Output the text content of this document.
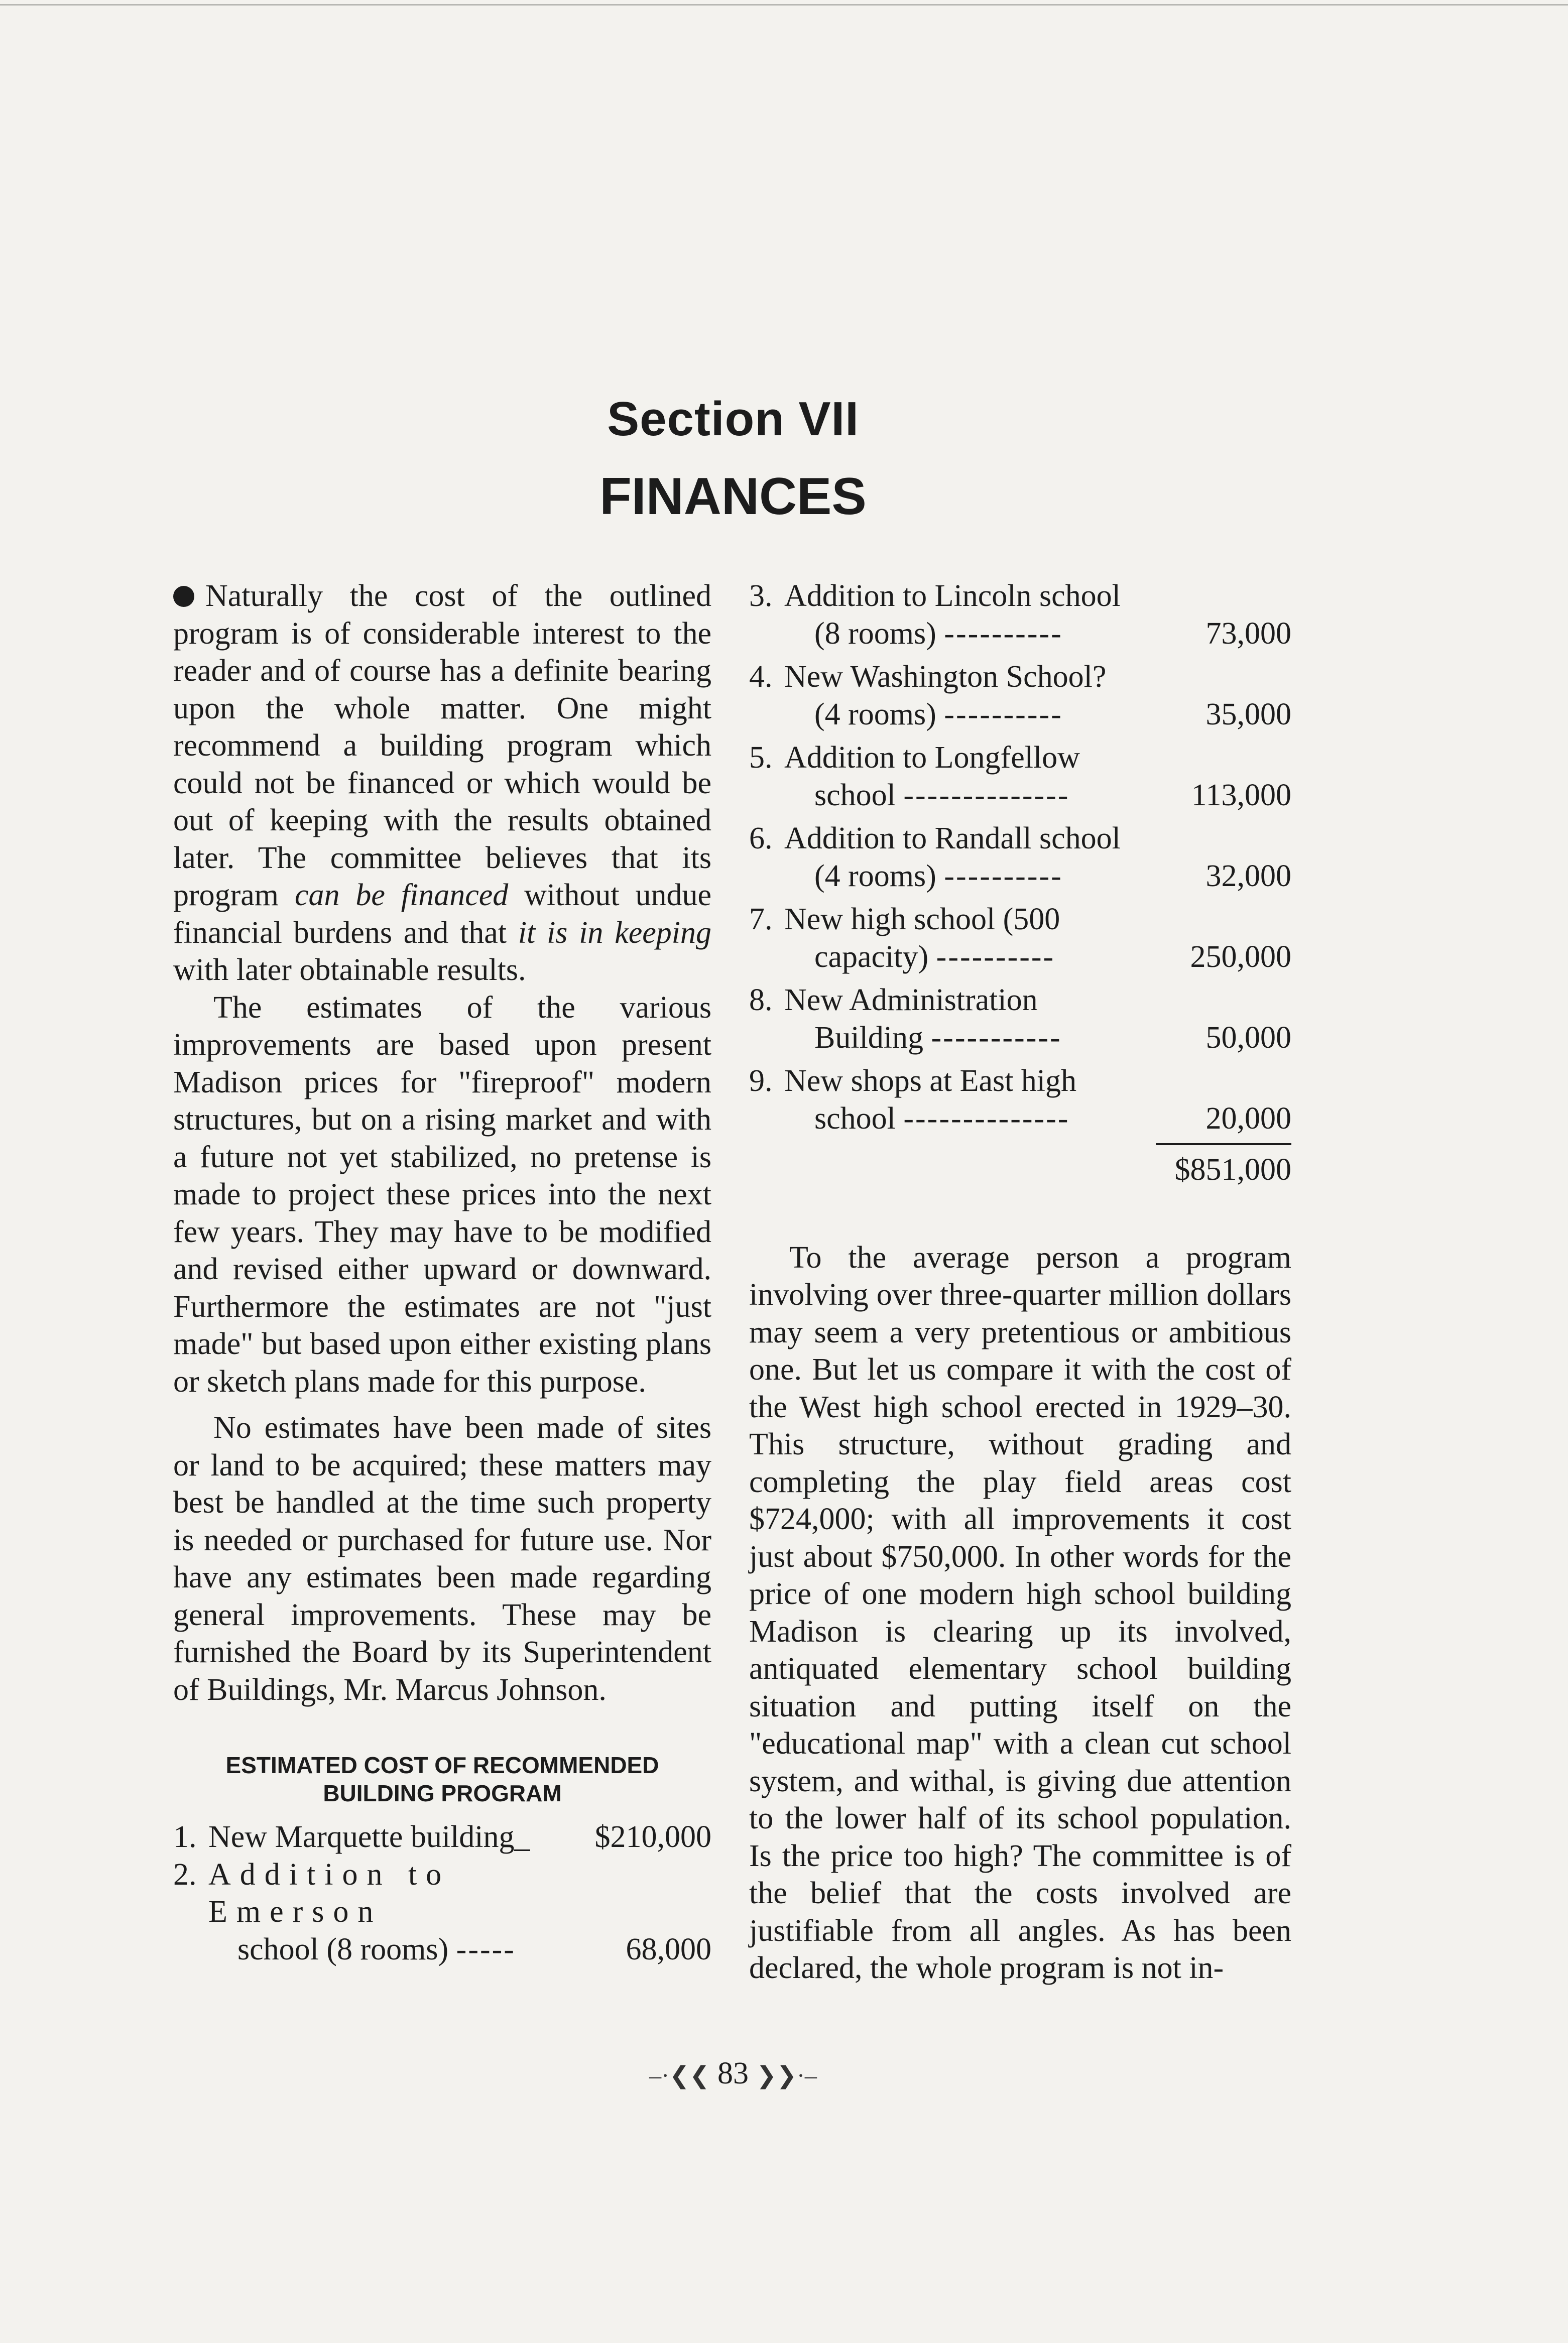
Section VII
FINANCES

Naturally the cost of the outlined program is of considerable interest to the reader and of course has a definite bearing upon the whole matter. One might recommend a building program which could not be financed or which would be out of keeping with the results obtained later. The committee believes that its program can be financed without undue financial burdens and that it is in keeping with later obtainable results.

The estimates of the various improvements are based upon present Madison prices for "fireproof" modern structures, but on a rising market and with a future not yet stabilized, no pretense is made to project these prices into the next few years. They may have to be modified and revised either upward or downward. Furthermore the estimates are not "just made" but based upon either existing plans or sketch plans made for this purpose.

No estimates have been made of sites or land to be acquired; these matters may best be handled at the time such property is needed or purchased for future use. Nor have any estimates been made regarding general improvements. These may be furnished the Board by its Superintendent of Buildings, Mr. Marcus Johnson.

ESTIMATED COST OF RECOMMENDED
BUILDING PROGRAM

1. New Marquette building_	$210,000
2. Addition to Emerson
school (8 rooms) -----	68,000
3. Addition to Lincoln school
(8 rooms) ----------	73,000
4. New Washington School?
(4 rooms) ----------	35,000
5. Addition to Longfellow
school --------------	113,000
6. Addition to Randall school
(4 rooms) ----------	32,000
7. New high school (500
capacity) ----------	250,000
8. New Administration
Building -----------	50,000
9. New shops at East high
school --------------	20,000
$851,000

To the average person a program involving over three-quarter million dollars may seem a very pretentious or ambitious one. But let us compare it with the cost of the West high school erected in 1929–30. This structure, without grading and completing the play field areas cost $724,000; with all improvements it cost just about $750,000. In other words for the price of one modern high school building Madison is clearing up its involved, antiquated elementary school building situation and putting itself on the "educational map" with a clean cut school system, and withal, is giving due attention to the lower half of its school population. Is the price too high? The committee is of the belief that the costs involved are justifiable from all angles. As has been declared, the whole program is not in-

–·❮❮ 83 ❯❯·–
